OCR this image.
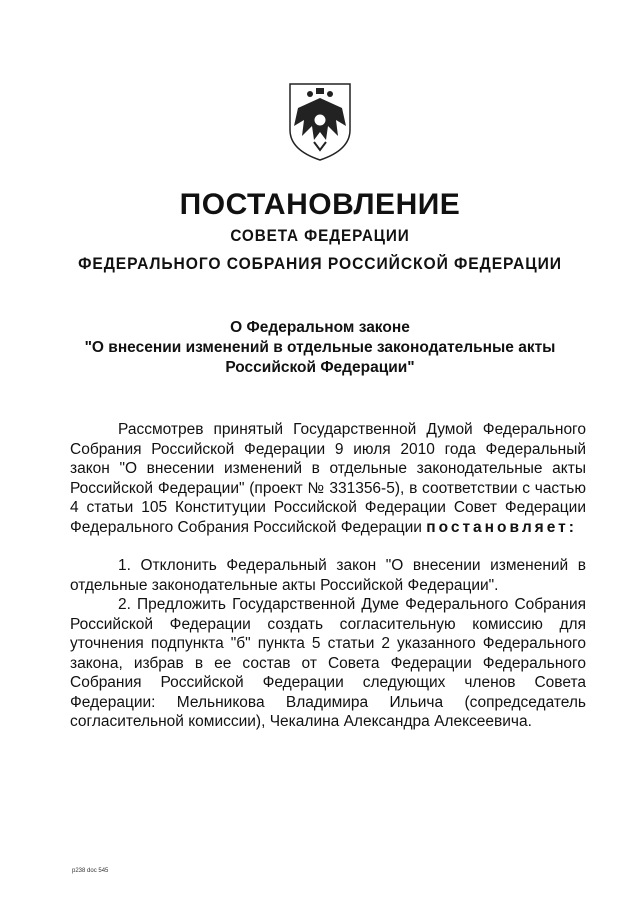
ПОСТАНОВЛЕНИЕ
СОВЕТА ФЕДЕРАЦИИ
ФЕДЕРАЛЬНОГО СОБРАНИЯ РОССИЙСКОЙ ФЕДЕРАЦИИ
О Федеральном законе
"О внесении изменений в отдельные законодательные акты
Российской Федерации"

Рассмотрев принятый Государственной Думой Федерального Собрания Российской Федерации 9 июля 2010 года Федеральный закон "О внесении изменений в отдельные законодательные акты Российской Федерации" (проект № 331356-5), в соответствии с частью 4 статьи 105 Конституции Российской Федерации Совет Федерации Федерального Собрания Российской Федерации постановляет:

1. Отклонить Федеральный закон "О внесении изменений в отдельные законодательные акты Российской Федерации".

2. Предложить Государственной Думе Федерального Собрания Российской Федерации создать согласительную комиссию для уточнения подпункта "б" пункта 5 статьи 2 указанного Федерального закона, избрав в ее состав от Совета Федерации Федерального Собрания Российской Федерации следующих членов Совета Федерации: Мельникова Владимира Ильича (сопредседатель согласительной комиссии), Чекалина Александра Алексеевича.

p238 doc 545
